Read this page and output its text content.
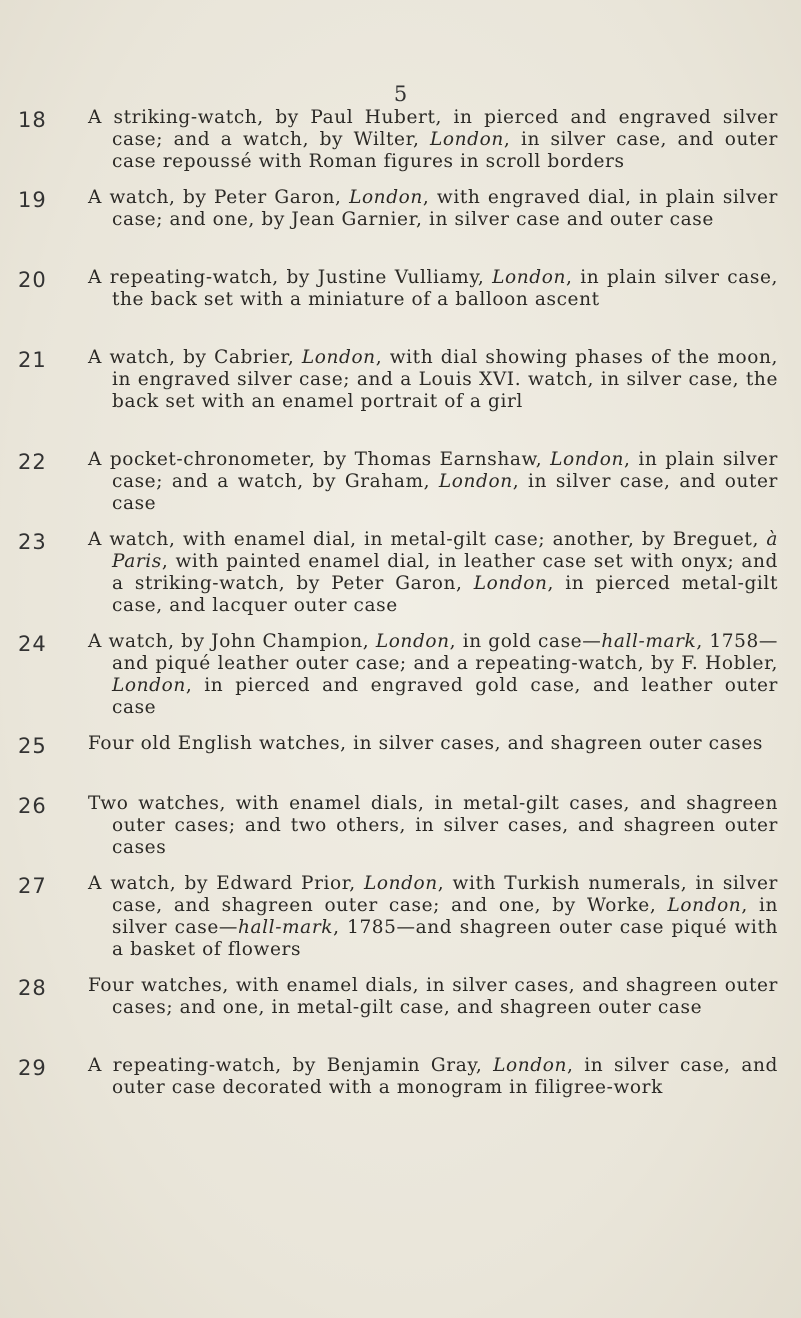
5
18	A striking-watch, by Paul Hubert, in pierced and engraved silver case; and a watch, by Wilter, London, in silver case, and outer case repoussé with Roman figures in scroll borders
19	A watch, by Peter Garon, London, with engraved dial, in plain silver case; and one, by Jean Garnier, in silver case and outer case
20	A repeating-watch, by Justine Vulliamy, London, in plain silver case, the back set with a miniature of a balloon ascent
21	A watch, by Cabrier, London, with dial showing phases of the moon, in engraved silver case; and a Louis XVI. watch, in silver case, the back set with an enamel portrait of a girl
22	A pocket-chronometer, by Thomas Earnshaw, London, in plain silver case; and a watch, by Graham, London, in silver case, and outer case
23	A watch, with enamel dial, in metal-gilt case; another, by Breguet, à Paris, with painted enamel dial, in leather case set with onyx; and a striking-watch, by Peter Garon, London, in pierced metal-gilt case, and lacquer outer case
24	A watch, by John Champion, London, in gold case—hall-mark, 1758—and piqué leather outer case; and a repeating-watch, by F. Hobler, London, in pierced and engraved gold case, and leather outer case
25	Four old English watches, in silver cases, and shagreen outer cases
26	Two watches, with enamel dials, in metal-gilt cases, and shagreen outer cases; and two others, in silver cases, and shagreen outer cases
27	A watch, by Edward Prior, London, with Turkish numerals, in silver case, and shagreen outer case; and one, by Worke, London, in silver case—hall-mark, 1785—and shagreen outer case piqué with a basket of flowers
28	Four watches, with enamel dials, in silver cases, and shagreen outer cases; and one, in metal-gilt case, and shagreen outer case
29	A repeating-watch, by Benjamin Gray, London, in silver case, and outer case decorated with a monogram in filigree-work
